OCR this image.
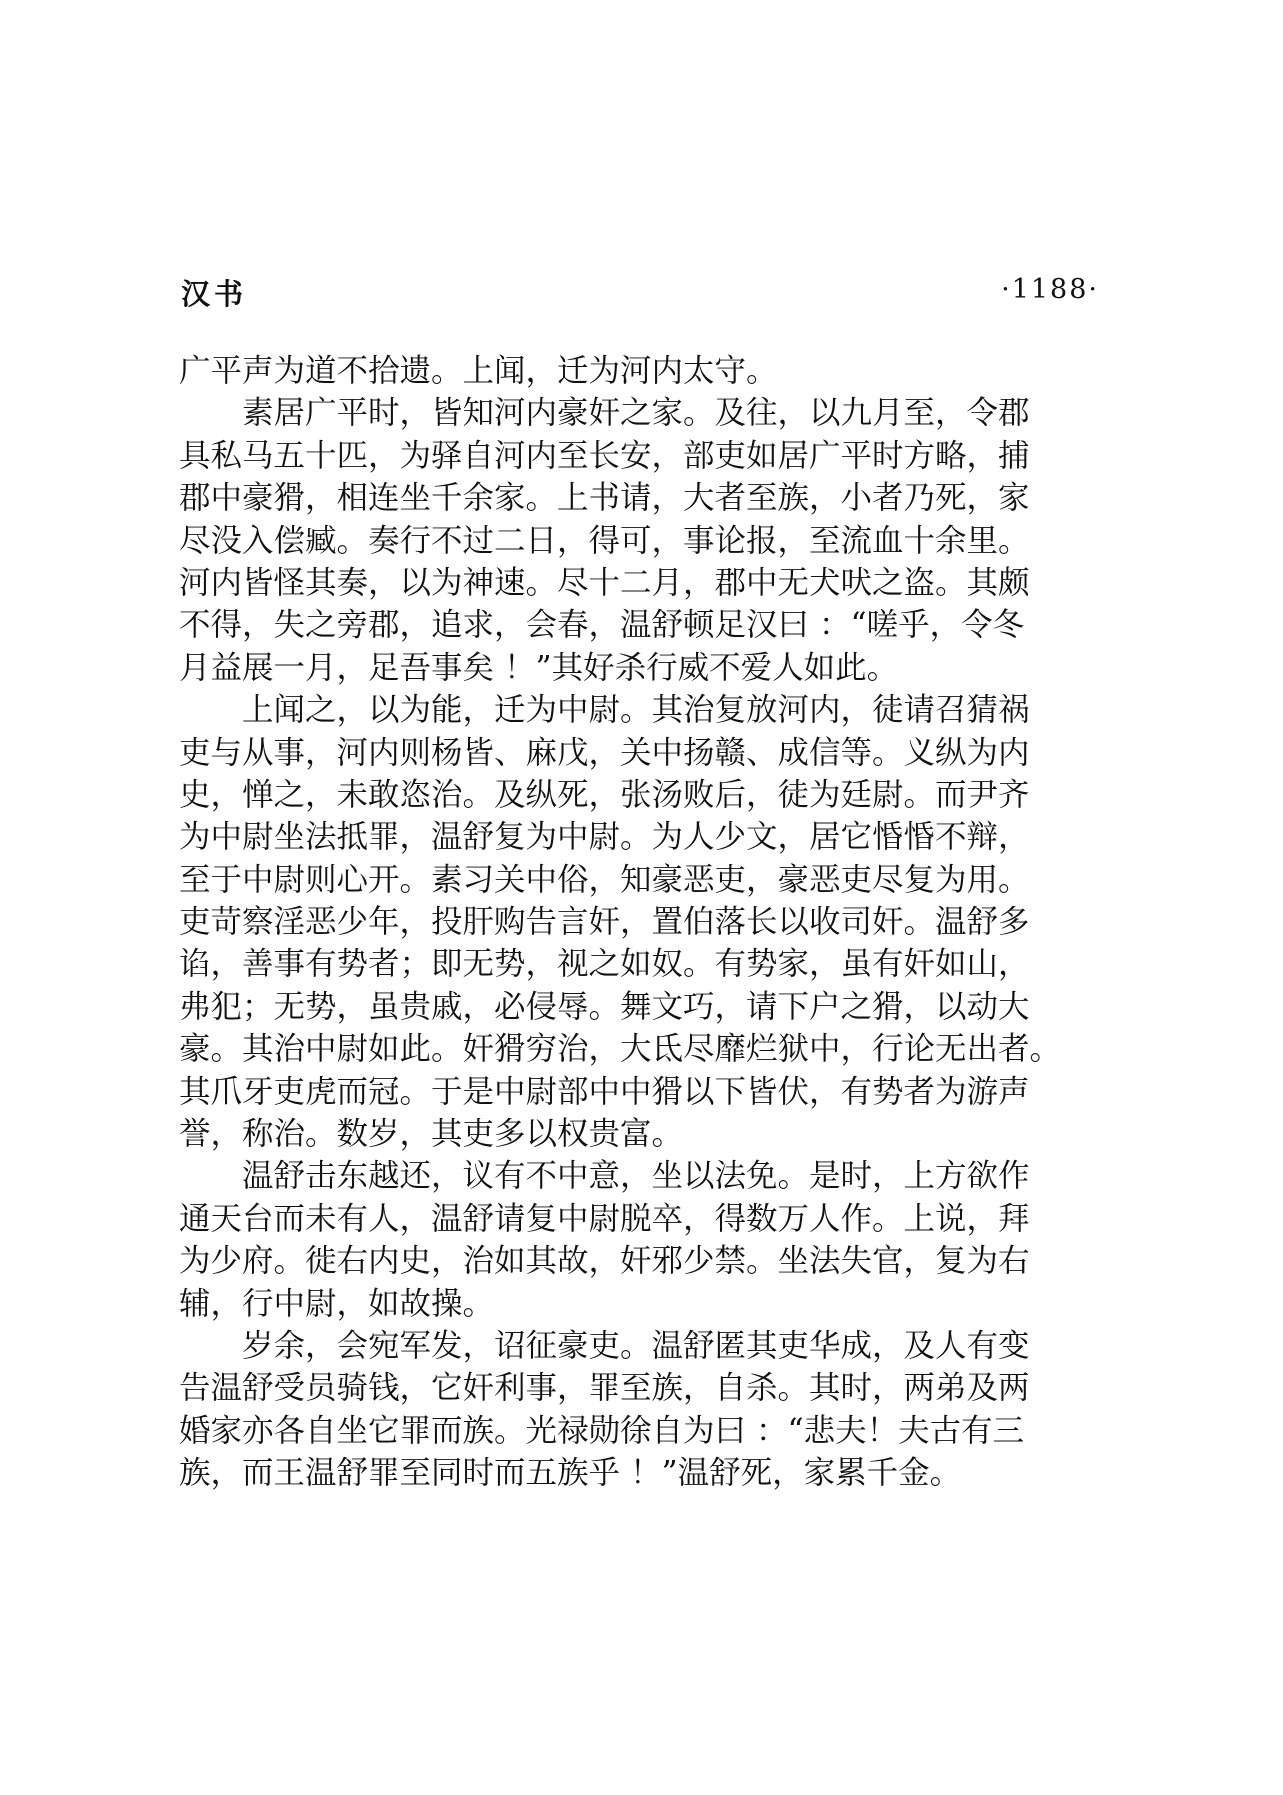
汉书	·1188·
广平声为道不拾遗。上闻，迁为河内太守。
　　素居广平时，皆知河内豪奸之家。及往，以九月至，令郡
具私马五十匹，为驿自河内至长安，部吏如居广平时方略，捕
郡中豪猾，相连坐千余家。上书请，大者至族，小者乃死，家
尽没入偿臧。奏行不过二日，得可，事论报，至流血十余里。
河内皆怪其奏，以为神速。尽十二月，郡中无犬吠之盗。其颇
不得，失之旁郡，追求，会春，温舒顿足汉曰 ：“嗟乎，令冬
月益展一月，足吾事矣 ！”其好杀行威不爱人如此。
　　上闻之，以为能，迁为中尉。其治复放河内，徒请召猜祸
吏与从事，河内则杨皆、麻戊，关中扬赣、成信等。义纵为内
史，惮之，未敢恣治。及纵死，张汤败后，徒为廷尉。而尹齐
为中尉坐法抵罪，温舒复为中尉。为人少文，居它惛惛不辩，
至于中尉则心开。素习关中俗，知豪恶吏，豪恶吏尽复为用。
吏苛察淫恶少年，投肝购告言奸，置伯落长以收司奸。温舒多
谄，善事有势者；即无势，视之如奴。有势家，虽有奸如山，
弗犯；无势，虽贵戚，必侵辱。舞文巧，请下户之猾，以动大
豪。其治中尉如此。奸猾穷治，大氐尽靡烂狱中，行论无出者。
其爪牙吏虎而冠。于是中尉部中中猾以下皆伏，有势者为游声
誉，称治。数岁，其吏多以权贵富。
　　温舒击东越还，议有不中意，坐以法免。是时，上方欲作
通天台而未有人，温舒请复中尉脱卒，得数万人作。上说，拜
为少府。徙右内史，治如其故，奸邪少禁。坐法失官，复为右
辅，行中尉，如故操。
　　岁余，会宛军发，诏征豪吏。温舒匿其吏华成，及人有变
告温舒受员骑钱，它奸利事，罪至族，自杀。其时，两弟及两
婚家亦各自坐它罪而族。光禄勋徐自为曰 ：“悲夫！夫古有三
族，而王温舒罪至同时而五族乎 ！”温舒死，家累千金。
